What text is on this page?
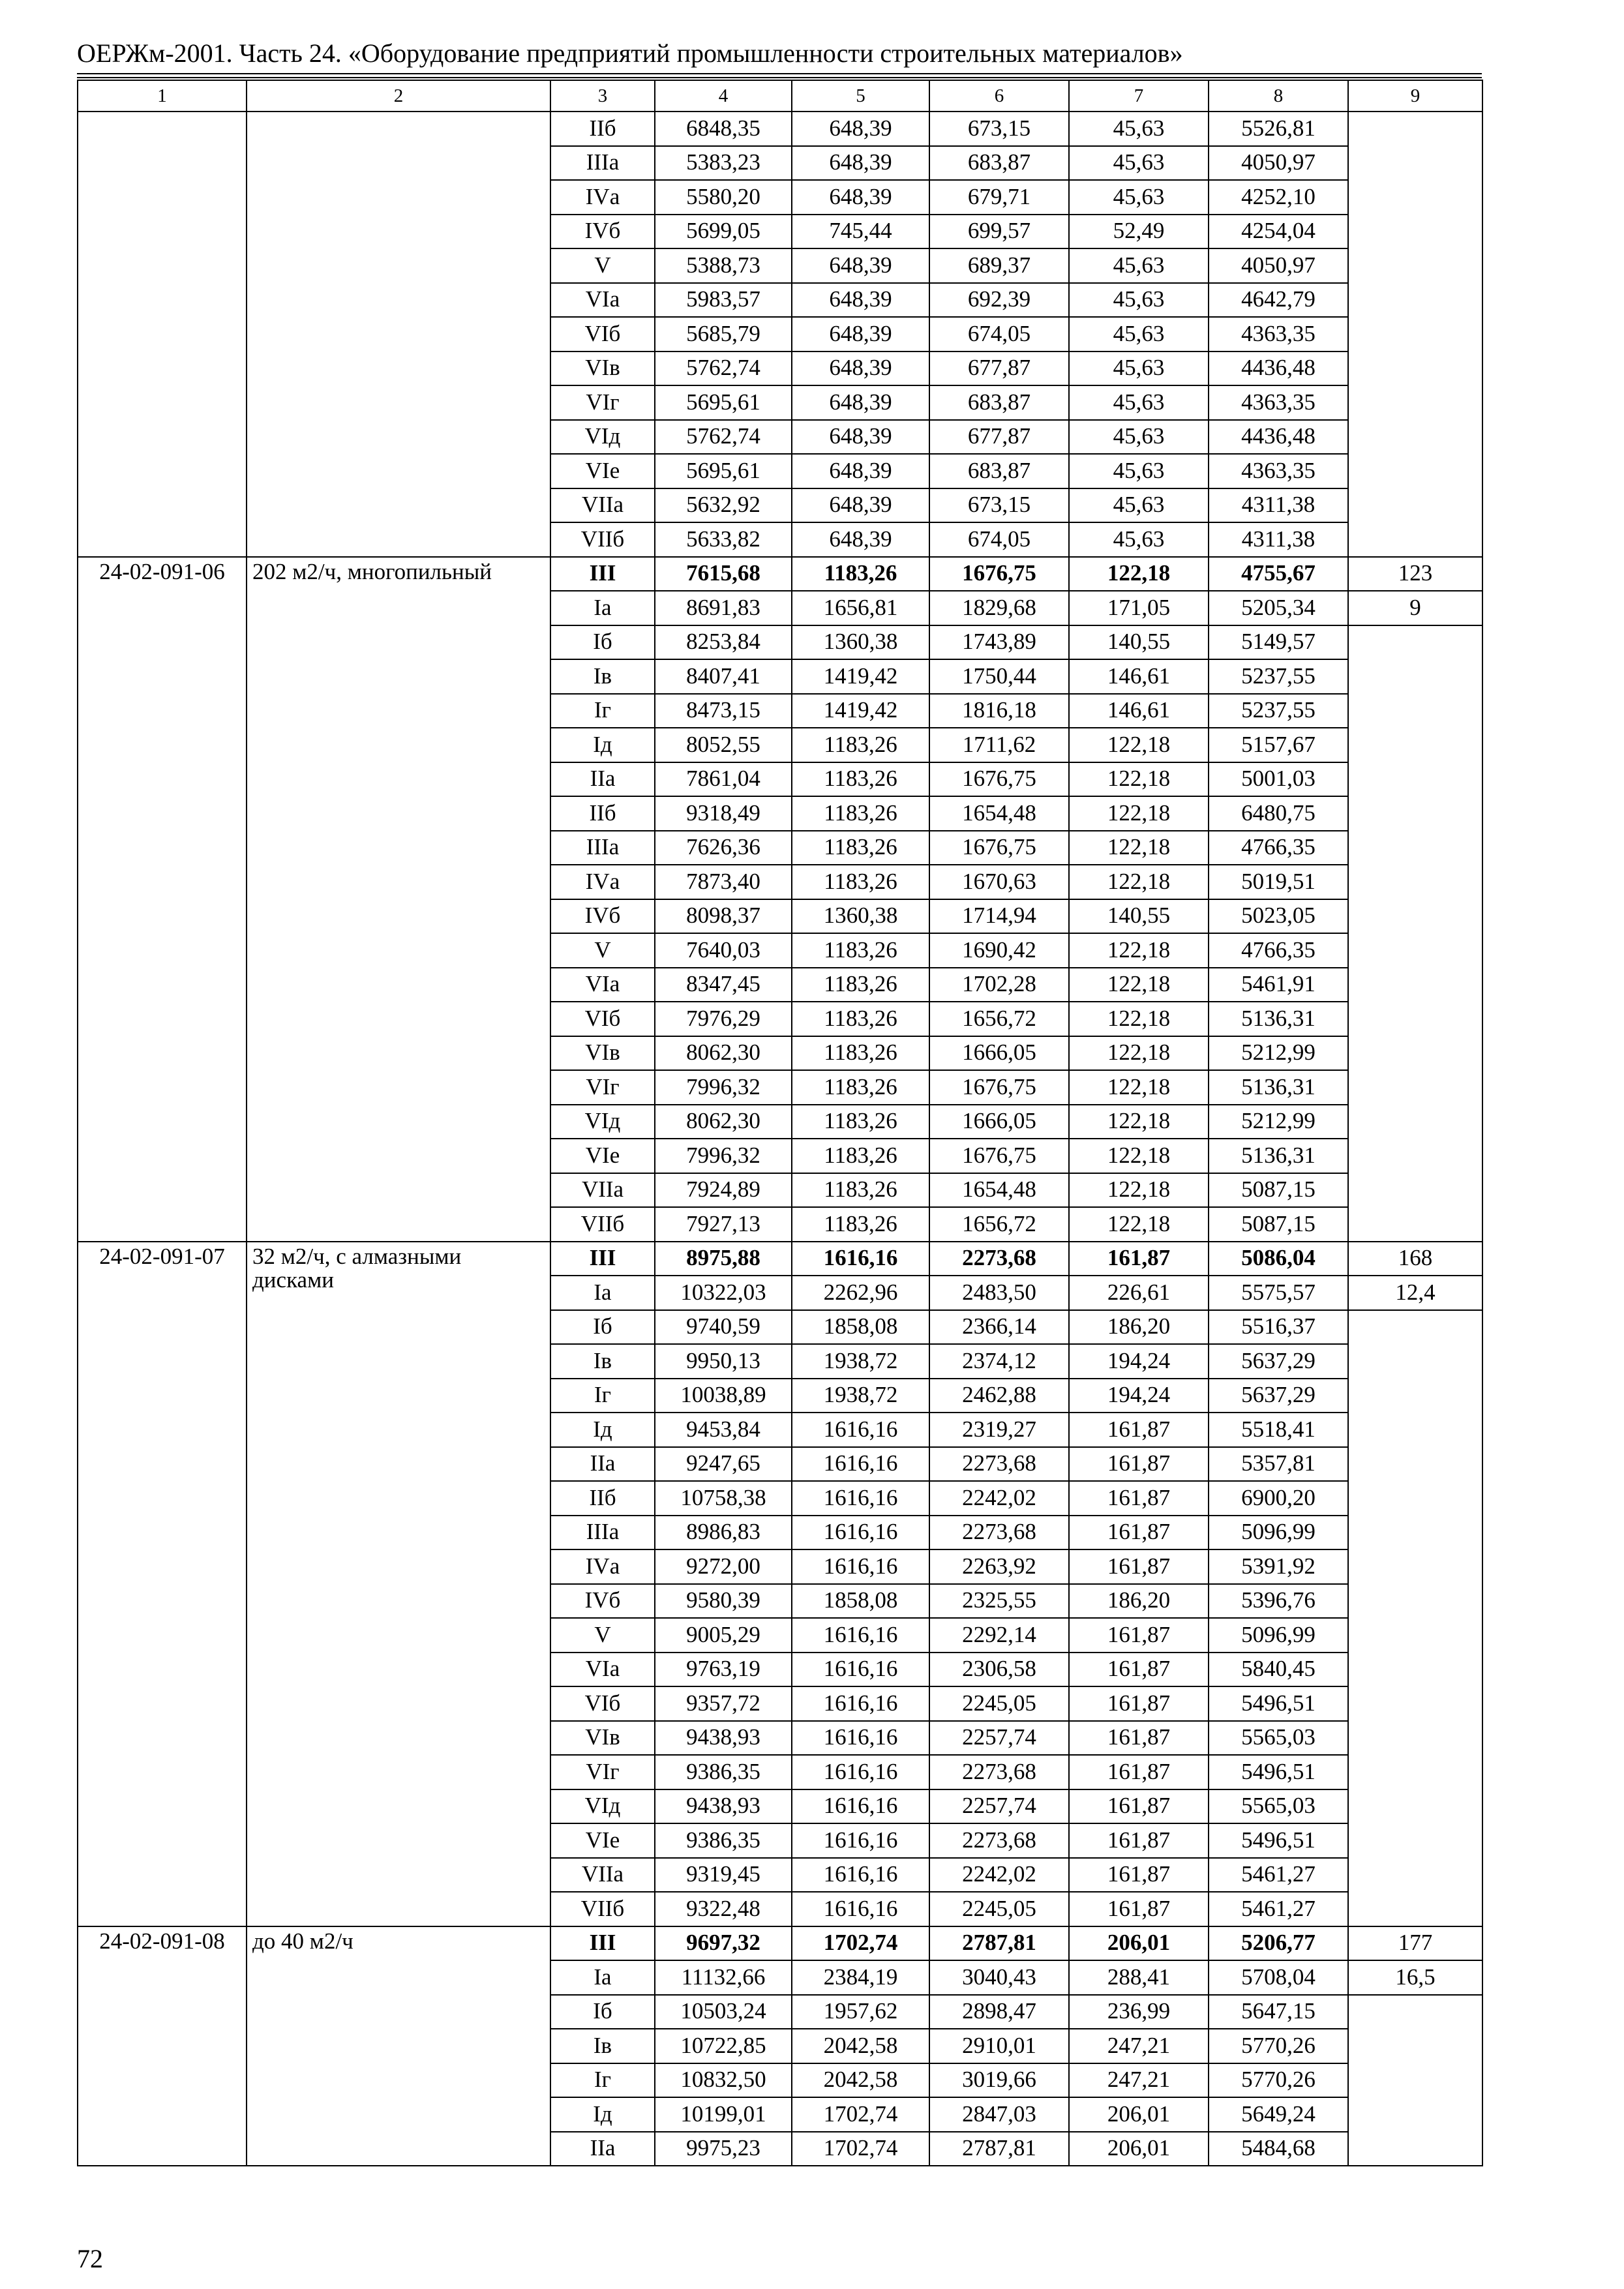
ОЕРЖм-2001. Часть 24. «Оборудование предприятий промышленности строительных материалов»
1	2	3	4	5	6	7	8	9
		IIб	6848,35	648,39	673,15	45,63	5526,81	
		IIIа	5383,23	648,39	683,87	45,63	4050,97	
		IVа	5580,20	648,39	679,71	45,63	4252,10	
		IVб	5699,05	745,44	699,57	52,49	4254,04	
		V	5388,73	648,39	689,37	45,63	4050,97	
		VIа	5983,57	648,39	692,39	45,63	4642,79	
		VIб	5685,79	648,39	674,05	45,63	4363,35	
		VIв	5762,74	648,39	677,87	45,63	4436,48	
		VIг	5695,61	648,39	683,87	45,63	4363,35	
		VIд	5762,74	648,39	677,87	45,63	4436,48	
		VIе	5695,61	648,39	683,87	45,63	4363,35	
		VIIа	5632,92	648,39	673,15	45,63	4311,38	
		VIIб	5633,82	648,39	674,05	45,63	4311,38	
24-02-091-06	202 м2/ч, многопильный	III	7615,68	1183,26	1676,75	122,18	4755,67	123
		Iа	8691,83	1656,81	1829,68	171,05	5205,34	9
		Iб	8253,84	1360,38	1743,89	140,55	5149,57	
		Iв	8407,41	1419,42	1750,44	146,61	5237,55	
		Iг	8473,15	1419,42	1816,18	146,61	5237,55	
		Iд	8052,55	1183,26	1711,62	122,18	5157,67	
		IIа	7861,04	1183,26	1676,75	122,18	5001,03	
		IIб	9318,49	1183,26	1654,48	122,18	6480,75	
		IIIа	7626,36	1183,26	1676,75	122,18	4766,35	
		IVа	7873,40	1183,26	1670,63	122,18	5019,51	
		IVб	8098,37	1360,38	1714,94	140,55	5023,05	
		V	7640,03	1183,26	1690,42	122,18	4766,35	
		VIа	8347,45	1183,26	1702,28	122,18	5461,91	
		VIб	7976,29	1183,26	1656,72	122,18	5136,31	
		VIв	8062,30	1183,26	1666,05	122,18	5212,99	
		VIг	7996,32	1183,26	1676,75	122,18	5136,31	
		VIд	8062,30	1183,26	1666,05	122,18	5212,99	
		VIе	7996,32	1183,26	1676,75	122,18	5136,31	
		VIIа	7924,89	1183,26	1654,48	122,18	5087,15	
		VIIб	7927,13	1183,26	1656,72	122,18	5087,15	
24-02-091-07	32 м2/ч, с алмазными дисками	III	8975,88	1616,16	2273,68	161,87	5086,04	168
		Iа	10322,03	2262,96	2483,50	226,61	5575,57	12,4
		Iб	9740,59	1858,08	2366,14	186,20	5516,37	
		Iв	9950,13	1938,72	2374,12	194,24	5637,29	
		Iг	10038,89	1938,72	2462,88	194,24	5637,29	
		Iд	9453,84	1616,16	2319,27	161,87	5518,41	
		IIа	9247,65	1616,16	2273,68	161,87	5357,81	
		IIб	10758,38	1616,16	2242,02	161,87	6900,20	
		IIIа	8986,83	1616,16	2273,68	161,87	5096,99	
		IVа	9272,00	1616,16	2263,92	161,87	5391,92	
		IVб	9580,39	1858,08	2325,55	186,20	5396,76	
		V	9005,29	1616,16	2292,14	161,87	5096,99	
		VIа	9763,19	1616,16	2306,58	161,87	5840,45	
		VIб	9357,72	1616,16	2245,05	161,87	5496,51	
		VIв	9438,93	1616,16	2257,74	161,87	5565,03	
		VIг	9386,35	1616,16	2273,68	161,87	5496,51	
		VIд	9438,93	1616,16	2257,74	161,87	5565,03	
		VIе	9386,35	1616,16	2273,68	161,87	5496,51	
		VIIа	9319,45	1616,16	2242,02	161,87	5461,27	
		VIIб	9322,48	1616,16	2245,05	161,87	5461,27	
24-02-091-08	до 40 м2/ч	III	9697,32	1702,74	2787,81	206,01	5206,77	177
		Iа	11132,66	2384,19	3040,43	288,41	5708,04	16,5
		Iб	10503,24	1957,62	2898,47	236,99	5647,15	
		Iв	10722,85	2042,58	2910,01	247,21	5770,26	
		Iг	10832,50	2042,58	3019,66	247,21	5770,26	
		Iд	10199,01	1702,74	2847,03	206,01	5649,24	
		IIа	9975,23	1702,74	2787,81	206,01	5484,68	
72
